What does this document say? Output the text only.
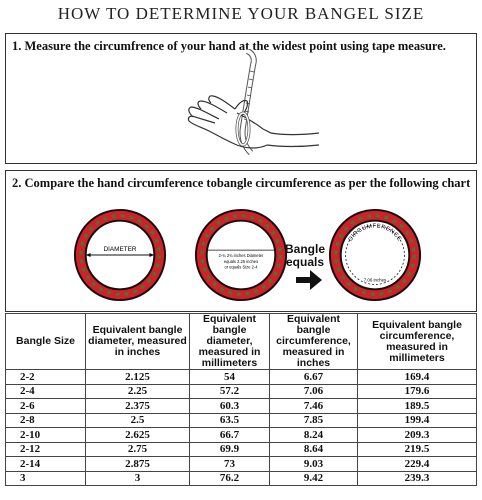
HOW TO DETERMINE YOUR BANGEL SIZE
1. Measure the circumfrence of your hand at the widest point using tape measure.
2. Compare the hand circumference tobangle circumference as per the following chart
DIAMETER
2-¾ 2¾ inches Diameter
equals 2.25 inches
or equals Size 2-4
Bangle
equals
CIRCUMFERENCE
7.06 inches
Bangle Size	Equivalent bangle diameter, measured in inches	Equivalent bangle diameter, measured in millimeters	Equivalent bangle circumference, measured in inches	Equivalent bangle circumference, measured in millimeters
2-2	2.125	54	6.67	169.4
2-4	2.25	57.2	7.06	179.6
2-6	2.375	60.3	7.46	189.5
2-8	2.5	63.5	7.85	199.4
2-10	2.625	66.7	8.24	209.3
2-12	2.75	69.9	8.64	219.5
2-14	2.875	73	9.03	229.4
3	3	76.2	9.42	239.3
